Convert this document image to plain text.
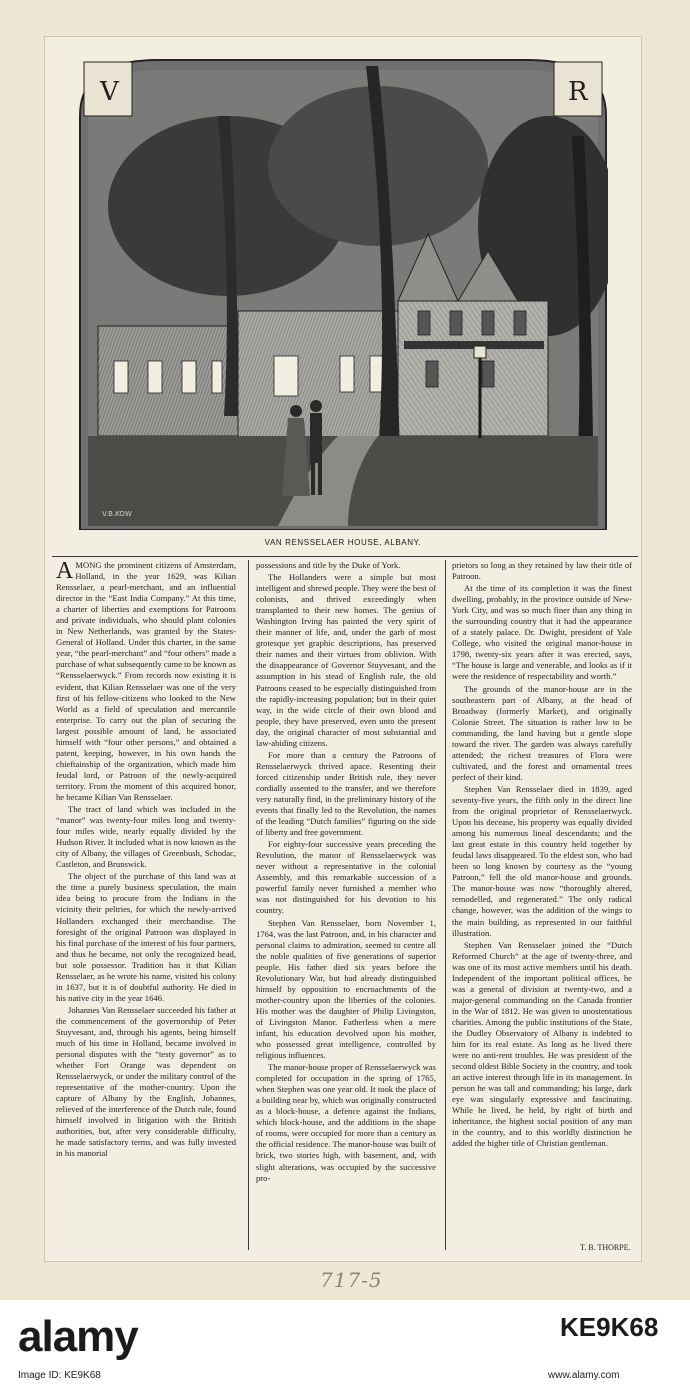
V	R
V.B.KOW
VAN RENSSELAER HOUSE, ALBANY.

AMONG the prominent citizens of Amsterdam, Holland, in the year 1629, was Kilian Rensselaer, a pearl-merchant, and an influential director in the “East India Company.” At this time, a charter of liberties and exemptions for Patroons and private individuals, who should plant colonies in New Netherlands, was granted by the States-General of Holland. Under this charter, in the same year, “the pearl-merchant” and “four others” made a purchase of what subsequently came to be known as “Rensselaerwyck.” From records now existing it is evident, that Kilian Rensselaer was one of the very first of his fellow-citizens who looked to the New World as a field of speculation and mercantile enterprise. To carry out the plan of securing the largest possible amount of land, he associated himself with “four other persons,” and obtained a patent, keeping, however, in his own hands the chieftainship of the organization, which made him feudal lord, or Patroon of the newly-acquired territory. From the moment of this acquired honor, he became Kilian Van Rensselaer.

The tract of land which was included in the “manor” was twenty-four miles long and twenty-four miles wide, nearly equally divided by the Hudson River. It included what is now known as the city of Albany, the villages of Greenbush, Schodac, Castleton, and Brunswick.

The object of the purchase of this land was at the time a purely business speculation, the main idea being to procure from the Indians in the vicinity their peltries, for which the newly-arrived Hollanders exchanged their merchandise. The foresight of the original Patroon was displayed in his final purchase of the interest of his four partners, and thus he became, not only the recognized head, but sole possessor. Tradition has it that Kilian Rensselaer, as he wrote his name, visited his colony in 1637, but it is of doubtful authority. He died in his native city in the year 1646.

Johannes Van Rensselaer succeeded his father at the commencement of the governorship of Peter Stuyvesant, and, through his agents, being himself much of his time in Holland, became involved in personal disputes with the “testy governor” as to whether Fort Orange was dependent on Rensselaerwyck, or under the military control of the representative of the mother-country. Upon the capture of Albany by the English, Johannes, relieved of the interference of the Dutch rule, found himself involved in litigation with the British authorities, but, after very considerable difficulty, he made satisfactory terms, and was fully invested in his manorial

possessions and title by the Duke of York.

The Hollanders were a simple but most intelligent and shrewd people. They were the best of colonists, and thrived exceedingly when transplanted to their new homes. The genius of Washington Irving has painted the very spirit of their manner of life, and, under the garb of most grotesque yet graphic descriptions, has preserved their names and their virtues from oblivion. With the disappearance of Governor Stuyvesant, and the assumption in his stead of English rule, the old Patroons ceased to be especially distinguished from the rapidly-increasing population; but in their quiet way, in the wide circle of their own blood and people, they have preserved, even unto the present day, the original character of most substantial and law-abiding citizens.

For more than a century the Patroons of Rensselaerwyck thrived apace. Resenting their forced citizenship under British rule, they never cordially assented to the transfer, and we therefore very naturally find, in the preliminary history of the events that finally led to the Revolution, the names of the leading “Dutch families” figuring on the side of liberty and free government.

For eighty-four successive years preceding the Revolution, the manor of Rensselaerwyck was never without a representative in the colonial Assembly, and this remarkable succession of a powerful family never furnished a member who was not distinguished for his devotion to his country.

Stephen Van Rensselaer, born November 1, 1764, was the last Patroon, and, in his character and personal claims to admiration, seemed to centre all the noble qualities of five generations of superior people. His father died six years before the Revolutionary War, but had already distinguished himself by opposition to encroachments of the mother-country upon the liberties of the colonies. His mother was the daughter of Philip Livingston, of Livingston Manor. Fatherless when a mere infant, his education devolved upon his mother, who possessed great intelligence, controlled by religious influences.

The manor-house proper of Rensselaerwyck was completed for occupation in the spring of 1765, when Stephen was one year old. It took the place of a building near by, which was originally constructed as a block-house, a defence against the Indians, which block-house, and the additions in the shape of rooms, were occupied for more than a century as the official residence. The manor-house was built of brick, two stories high, with basement, and, with slight alterations, was occupied by the successive pro-

prietors so long as they retained by law their title of Patroon.

At the time of its completion it was the finest dwelling, probably, in the province outside of New-York City, and was so much finer than any thing in the surrounding country that it had the appearance of a stately palace. Dr. Dwight, president of Yale College, who visited the original manor-house in 1798, twenty-six years after it was erected, says, “The house is large and venerable, and looks as if it were the residence of respectability and worth.”

The grounds of the manor-house are in the southeastern part of Albany, at the head of Broadway (formerly Market), and originally Colonie Street. The situation is rather low to be commanding, the land having but a gentle slope toward the river. The garden was always carefully attended; the richest treasures of Flora were cultivated, and the forest and ornamental trees perfect of their kind.

Stephen Van Rensselaer died in 1839, aged seventy-five years, the fifth only in the direct line from the original proprietor of Rensselaerwyck. Upon his decease, his property was equally divided among his numerous lineal descendants; and the last great estate in this country held together by feudal laws disappeared. To the eldest son, who had been so long known by courtesy as the “young Patroon,” fell the old manor-house and grounds. The manor-house was now “thoroughly altered, remodelled, and regenerated.” The only radical change, however, was the addition of the wings to the main building, as represented in our faithful illustration.

Stephen Van Rensselaer joined the “Dutch Reformed Church” at the age of twenty-three, and was one of its most active members until his death. Independent of the important political offices, he was a general of division at twenty-two, and a major-general commanding on the Canada frontier in the War of 1812. He was given to unostentatious charities. Among the public institutions of the State, the Dudley Observatory of Albany is indebted to him for its real estate. As long as he lived there were no anti-rent troubles. He was president of the second oldest Bible Society in the country, and took an active interest through life in its management. In person he was tall and commanding; his large, dark eye was singularly expressive and fascinating. While he lived, he held, by right of birth and inheritance, the highest social position of any man in the country, and to this worldly distinction he added the higher title of Christian gentleman.

T. B. THORPE.
717-5
alamy	KE9K68
Image ID: KE9K68	www.alamy.com
